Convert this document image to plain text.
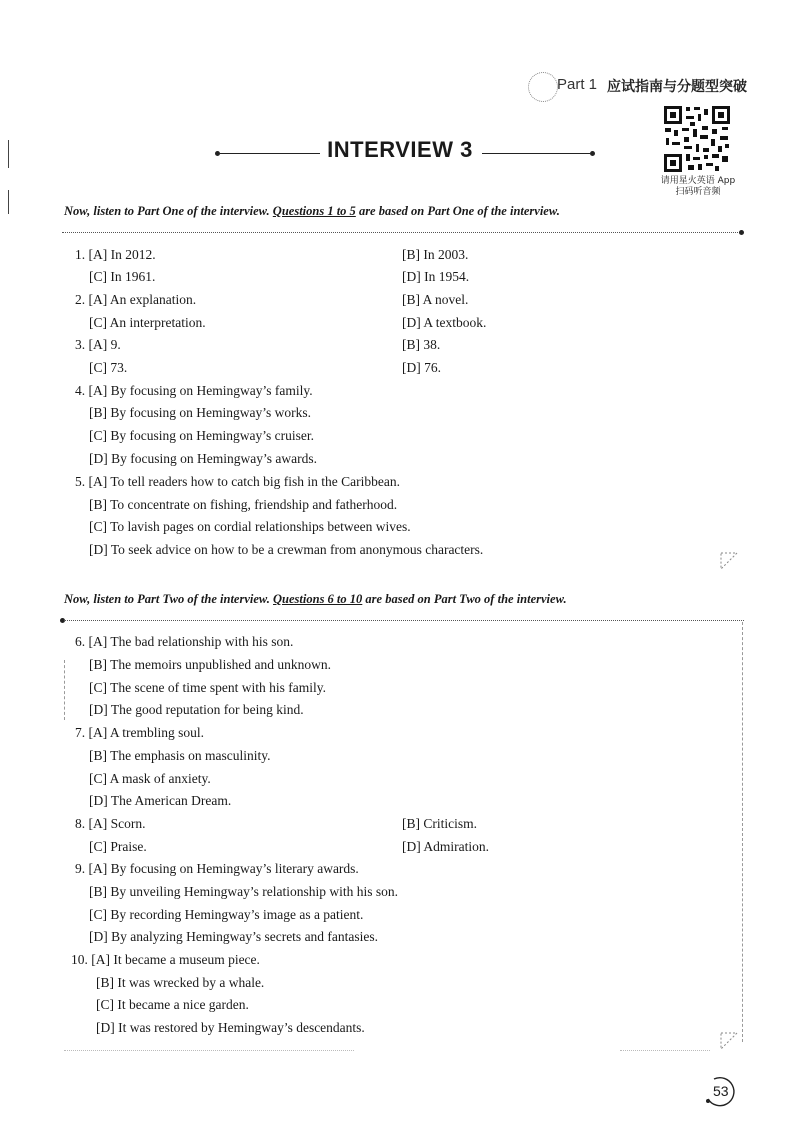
Part 1 应试指南与分题型突破
INTERVIEW 3
请用星火英语 App
扫码听音频
Now, listen to Part One of the interview. Questions 1 to 5 are based on Part One of the interview.
1. [A] In 2012.	[B] In 2003.
[C] In 1961.	[D] In 1954.
2. [A] An explanation.	[B] A novel.
[C] An interpretation.	[D] A textbook.
3. [A] 9.	[B] 38.
[C] 73.	[D] 76.
4. [A] By focusing on Hemingway’s family.
[B] By focusing on Hemingway’s works.
[C] By focusing on Hemingway’s cruiser.
[D] By focusing on Hemingway’s awards.
5. [A] To tell readers how to catch big fish in the Caribbean.
[B] To concentrate on fishing, friendship and fatherhood.
[C] To lavish pages on cordial relationships between wives.
[D] To seek advice on how to be a crewman from anonymous characters.
Now, listen to Part Two of the interview. Questions 6 to 10 are based on Part Two of the interview.
6. [A] The bad relationship with his son.
[B] The memoirs unpublished and unknown.
[C] The scene of time spent with his family.
[D] The good reputation for being kind.
7. [A] A trembling soul.
[B] The emphasis on masculinity.
[C] A mask of anxiety.
[D] The American Dream.
8. [A] Scorn.	[B] Criticism.
[C] Praise.	[D] Admiration.
9. [A] By focusing on Hemingway’s literary awards.
[B] By unveiling Hemingway’s relationship with his son.
[C] By recording Hemingway’s image as a patient.
[D] By analyzing Hemingway’s secrets and fantasies.
10. [A] It became a museum piece.
[B] It was wrecked by a whale.
[C] It became a nice garden.
[D] It was restored by Hemingway’s descendants.
53
